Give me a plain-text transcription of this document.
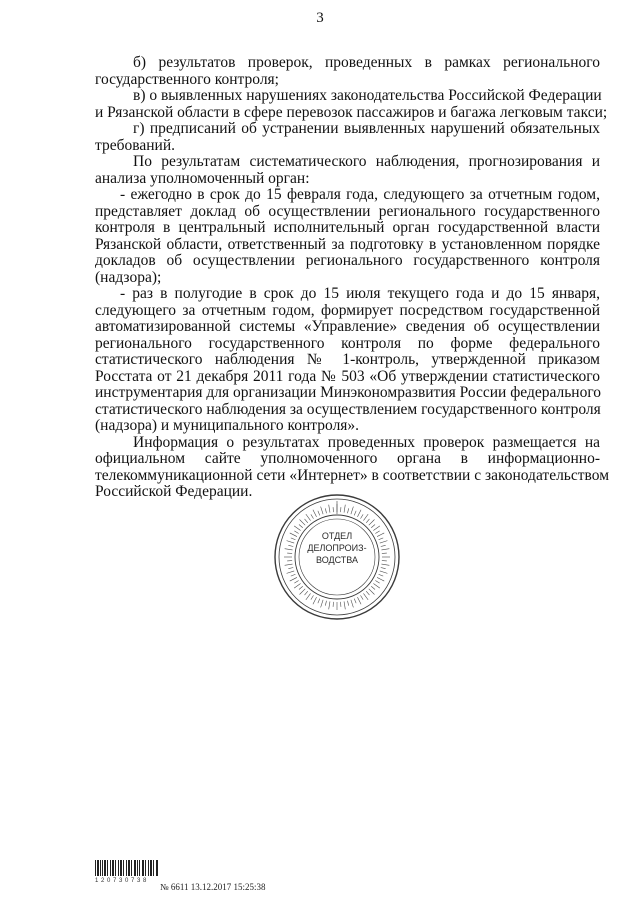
3
б) результатов проверок, проведенных в рамках регионального
государственного контроля;
в) о выявленных нарушениях законодательства Российской Федерации
и Рязанской области в сфере перевозок пассажиров и багажа легковым такси;
г) предписаний об устранении выявленных нарушений обязательных
требований.
По результатам систематического наблюдения, прогнозирования и
анализа уполномоченный орган:
- ежегодно в срок до 15 февраля года, следующего за отчетным годом,
представляет доклад об осуществлении регионального государственного
контроля в центральный исполнительный орган государственной власти
Рязанской области, ответственный за подготовку в установленном порядке
докладов об осуществлении регионального государственного контроля
(надзора);
- раз в полугодие в срок до 15 июля текущего года и до 15 января,
следующего за отчетным годом, формирует посредством государственной
автоматизированной системы «Управление» сведения об осуществлении
регионального государственного контроля по форме федерального
статистического наблюдения № 1-контроль, утвержденной приказом
Росстата от 21 декабря 2011 года № 503 «Об утверждении статистического
инструментария для организации Минэкономразвития России федерального
статистического наблюдения за осуществлением государственного контроля
(надзора) и муниципального контроля».
Информация о результатах проведенных проверок размещается на
официальном сайте уполномоченного органа в информационно-
телекоммуникационной сети «Интернет» в соответствии с законодательством
Российской Федерации.
ОТДЕЛ
ДЕЛОПРОИЗ-
ВОДСТВА
1 2 0 7 3 0 7 3 8
№ 6611 13.12.2017 15:25:38
